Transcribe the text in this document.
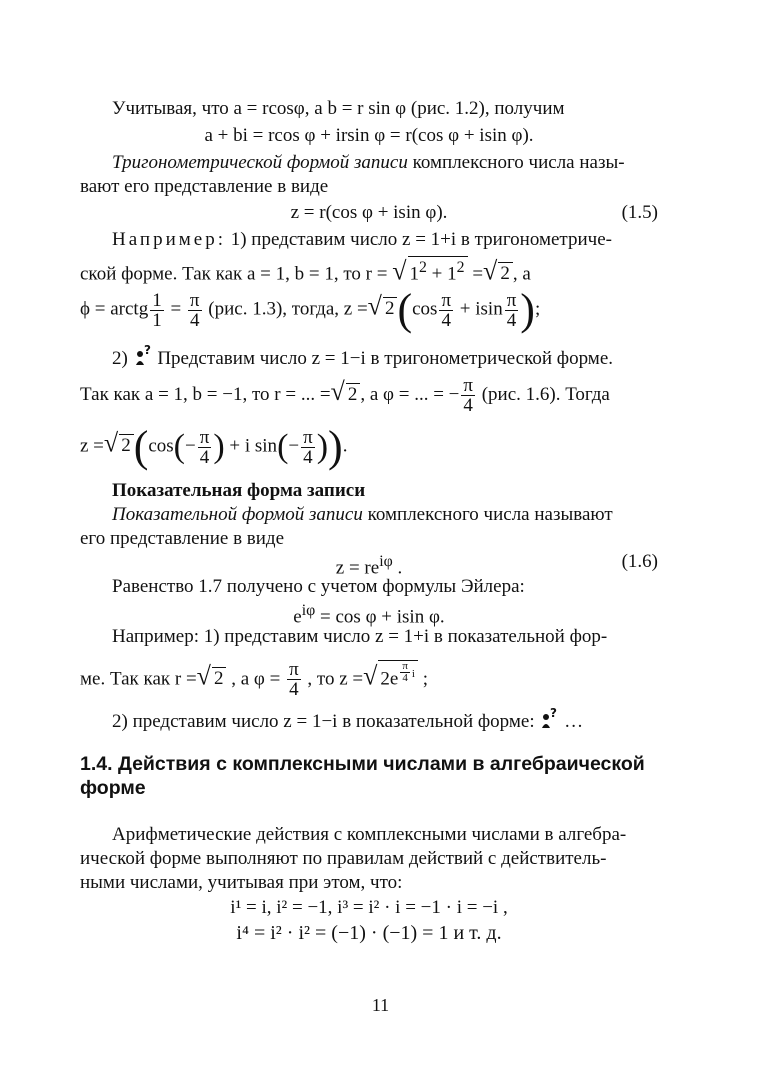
Учитывая, что a = rcosφ, a b = r sin φ (рис. 1.2), получим
a + bi = rcos φ + irsin φ = r(cos φ + isin φ).
Тригонометрической формой записи комплексного числа назы-
вают его представление в виде
z = r(cos φ + isin φ).	(1.5)
Например: 1) представим число z = 1+i в тригонометриче-
ской форме. Так как a = 1, b = 1, то r = √ $1^2 + 1^2$ =√ 2 , а
ϕ = arctg $\frac{1}{1} = \frac{\pi}{4} (рис$. 1.3), тогда, z =√ $2(\cos \frac{\pi}{4} + isin \frac{\pi}{4}$ );
2) ? Представим число z = 1−i в тригонометрической форме.
Так как a = 1, b = −1, то r = ... =√ 2 , а φ = ... = − $\frac{\pi}{4} (рис$. 1.6). Тогда
z =√ $2(\cos(- \frac{\pi}{4}$ ) + i $\sin(- \frac{\pi}{4}$ )).
Показательная форма записи
Показательной формой записи комплексного числа называют
его представление в виде
$z = re^{i\varphi}$ .	(1.6)
Равенство 1.7 получено с учетом формулы Эйлера:
$e^{i\varphi} = \cos \varphi + isin$ φ.
Например: 1) представим число z = 1+i в показательной фор-
ме. Так как r =√ 2 , а $\varphi = \frac{\pi}{4}$ , то z =√ 2e $^{\frac{\pi}{4} i}$ ;
2) представим число z = 1−i в показательной форме: ? …
1.4. Действия с комплексными числами в алгебраической
форме
Арифметические действия с комплексными числами в алгебра-
ической форме выполняют по правилам действий с действитель-
ными числами, учитывая при этом, что:
i¹ = i, i² = −1, i³ = i² · i = −1 · i = −i ,
i⁴ = i² · i² = (−1) · (−1) = 1 и т. д.
11
